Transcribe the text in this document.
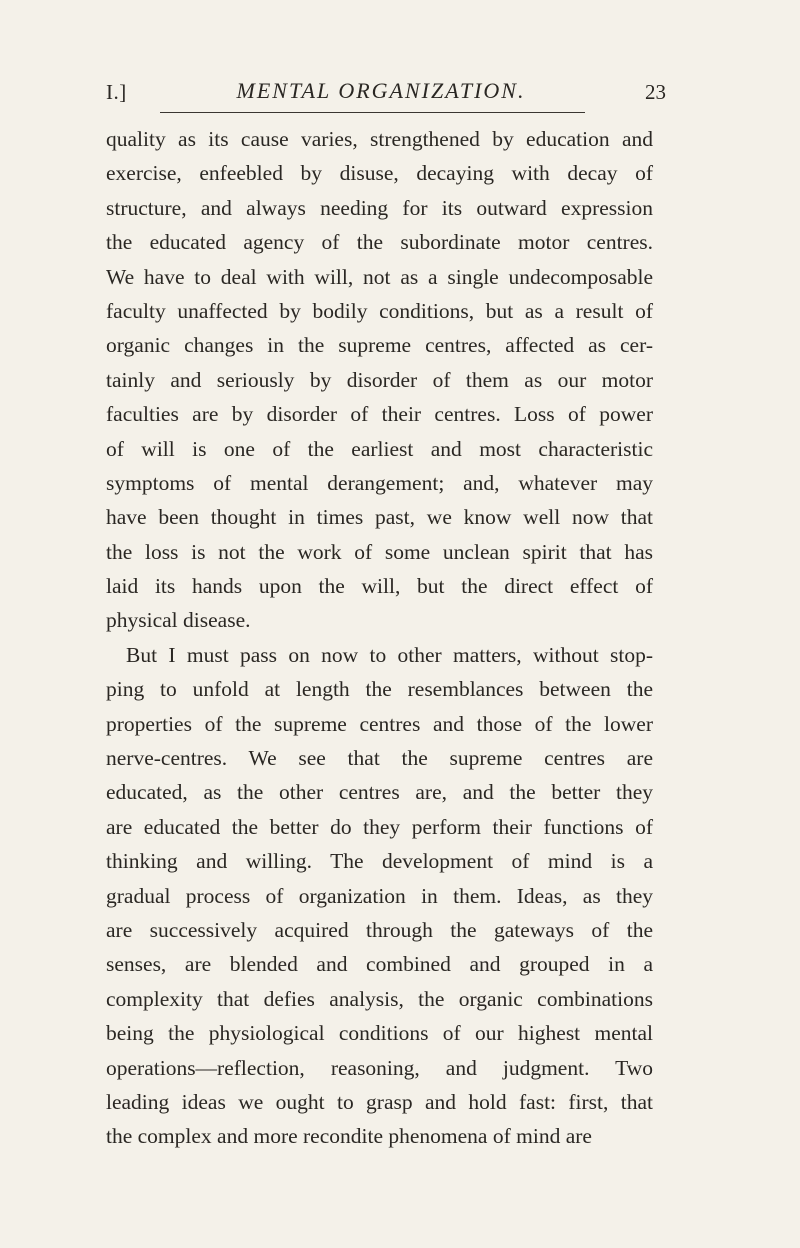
I.]	MENTAL ORGANIZATION.	23
quality as its cause varies, strengthened by education and
exercise, enfeebled by disuse, decaying with decay of
structure, and always needing for its outward expression
the educated agency of the subordinate motor centres.
We have to deal with will, not as a single undecomposable
faculty unaffected by bodily conditions, but as a result of
organic changes in the supreme centres, affected as cer-
tainly and seriously by disorder of them as our motor
faculties are by disorder of their centres. Loss of power
of will is one of the earliest and most characteristic
symptoms of mental derangement; and, whatever may
have been thought in times past, we know well now that
the loss is not the work of some unclean spirit that has
laid its hands upon the will, but the direct effect of
physical disease.
But I must pass on now to other matters, without stop-
ping to unfold at length the resemblances between the
properties of the supreme centres and those of the lower
nerve-centres. We see that the supreme centres are
educated, as the other centres are, and the better they
are educated the better do they perform their functions of
thinking and willing. The development of mind is a
gradual process of organization in them. Ideas, as they
are successively acquired through the gateways of the
senses, are blended and combined and grouped in a
complexity that defies analysis, the organic combinations
being the physiological conditions of our highest mental
operations—reflection, reasoning, and judgment. Two
leading ideas we ought to grasp and hold fast: first, that
the complex and more recondite phenomena of mind are
